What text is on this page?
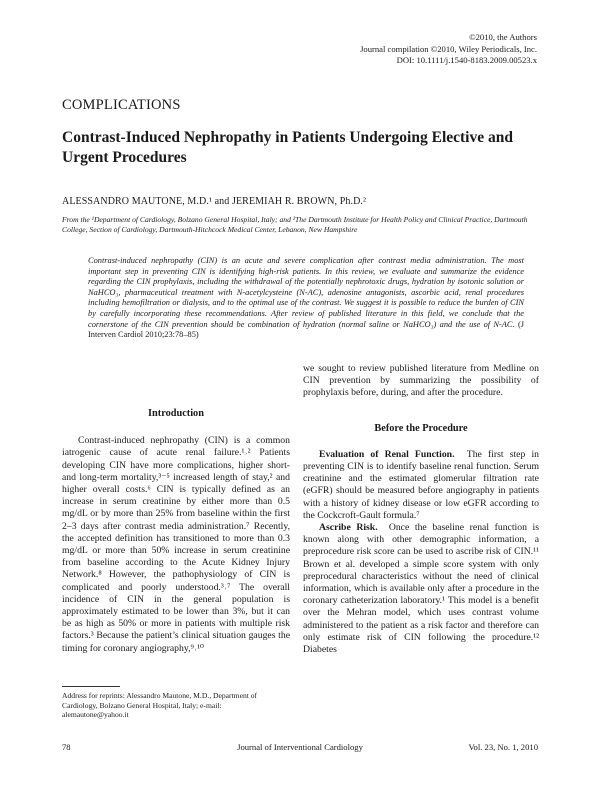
©2010, the Authors
Journal compilation ©2010, Wiley Periodicals, Inc.
DOI: 10.1111/j.1540-8183.2009.00523.x
COMPLICATIONS
Contrast-Induced Nephropathy in Patients Undergoing Elective and Urgent Procedures
ALESSANDRO MAUTONE, M.D.¹ and JEREMIAH R. BROWN, Ph.D.²
From the ¹Department of Cardiology, Bolzano General Hospital, Italy; and ²The Dartmouth Institute for Health Policy and Clinical Practice, Dartmouth College, Section of Cardiology, Dartmouth-Hitchcock Medical Center, Lebanon, New Hampshire
Contrast-induced nephropathy (CIN) is an acute and severe complication after contrast media administration. The most important step in preventing CIN is identifying high-risk patients. In this review, we evaluate and summarize the evidence regarding the CIN prophylaxis, including the withdrawal of the potentially nephrotoxic drugs, hydration by isotonic solution or NaHCO₃, pharmaceutical treatment with N-acetylcysteine (N-AC), adenosine antagonists, ascorbic acid, renal procedures including hemofiltration or dialysis, and to the optimal use of the contrast. We suggest it is possible to reduce the burden of CIN by carefully incorporating these recommendations. After review of published literature in this field, we conclude that the cornerstone of the CIN prevention should be combination of hydration (normal saline or NaHCO₃) and the use of N-AC. (J Interven Cardiol 2010;23:78–85)

Introduction

Contrast-induced nephropathy (CIN) is a common iatrogenic cause of acute renal failure.¹˒² Patients developing CIN have more complications, higher short- and long-term mortality,³⁻⁵ increased length of stay,² and higher overall costs.⁶ CIN is typically defined as an increase in serum creatinine by either more than 0.5 mg/dL or by more than 25% from baseline within the first 2–3 days after contrast media administration.⁷ Recently, the accepted definition has transitioned to more than 0.3 mg/dL or more than 50% increase in serum creatinine from baseline according to the Acute Kidney Injury Network.⁸ However, the pathophysiology of CIN is complicated and poorly understood.³˒⁷ The overall incidence of CIN in the general population is approximately estimated to be lower than 3%, but it can be as high as 50% or more in patients with multiple risk factors.³ Because the patient’s clinical situation gauges the timing for coronary angiography,⁹˒¹⁰

we sought to review published literature from Medline on CIN prevention by summarizing the possibility of prophylaxis before, during, and after the procedure.

Before the Procedure

Evaluation of Renal Function. The first step in preventing CIN is to identify baseline renal function. Serum creatinine and the estimated glomerular filtration rate (eGFR) should be measured before angiography in patients with a history of kidney disease or low eGFR according to the Cockcroft-Gault formula.⁷

Ascribe Risk. Once the baseline renal function is known along with other demographic information, a preprocedure risk score can be used to ascribe risk of CIN.¹¹ Brown et al. developed a simple score system with only preprocedural characteristics without the need of clinical information, which is available only after a procedure in the coronary catheterization laboratory.¹ This model is a benefit over the Mehran model, which uses contrast volume administered to the patient as a risk factor and therefore can only estimate risk of CIN following the procedure.¹² Diabetes

Address for reprints: Alessandro Mautone, M.D., Department of Cardiology, Bolzano General Hospital, Italy; e-mail: alemautone@yahoo.it
78	Journal of Interventional Cardiology	Vol. 23, No. 1, 2010
